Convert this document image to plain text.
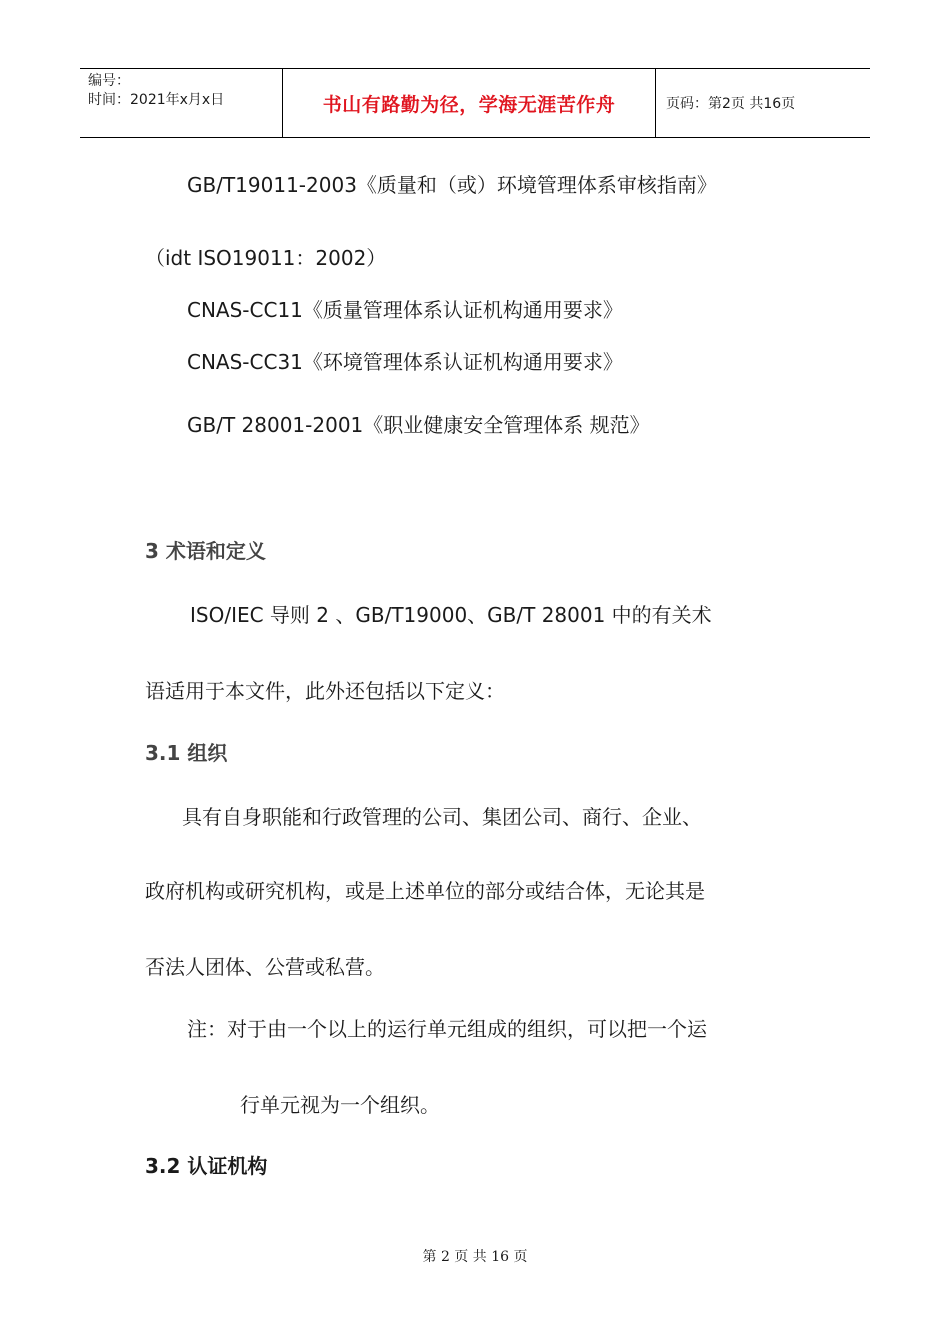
编号：
时间：2021年x月x日	书山有路勤为径，学海无涯苦作舟	页码：第2页 共16页
GB/T19011-2003《质量和（或）环境管理体系审核指南》
（idt ISO19011：2002）
CNAS-CC11《质量管理体系认证机构通用要求》
CNAS-CC31《环境管理体系认证机构通用要求》
GB/T 28001-2001《职业健康安全管理体系 规范》
3 术语和定义
ISO/IEC 导则 2 、GB/T19000、GB/T 28001 中的有关术
语适用于本文件，此外还包括以下定义：
3.1 组织
具有自身职能和行政管理的公司、集团公司、商行、企业、
政府机构或研究机构，或是上述单位的部分或结合体，无论其是
否法人团体、公营或私营。
注：对于由一个以上的运行单元组成的组织，可以把一个运
行单元视为一个组织。
3.2 认证机构
第 2 页 共 16 页
